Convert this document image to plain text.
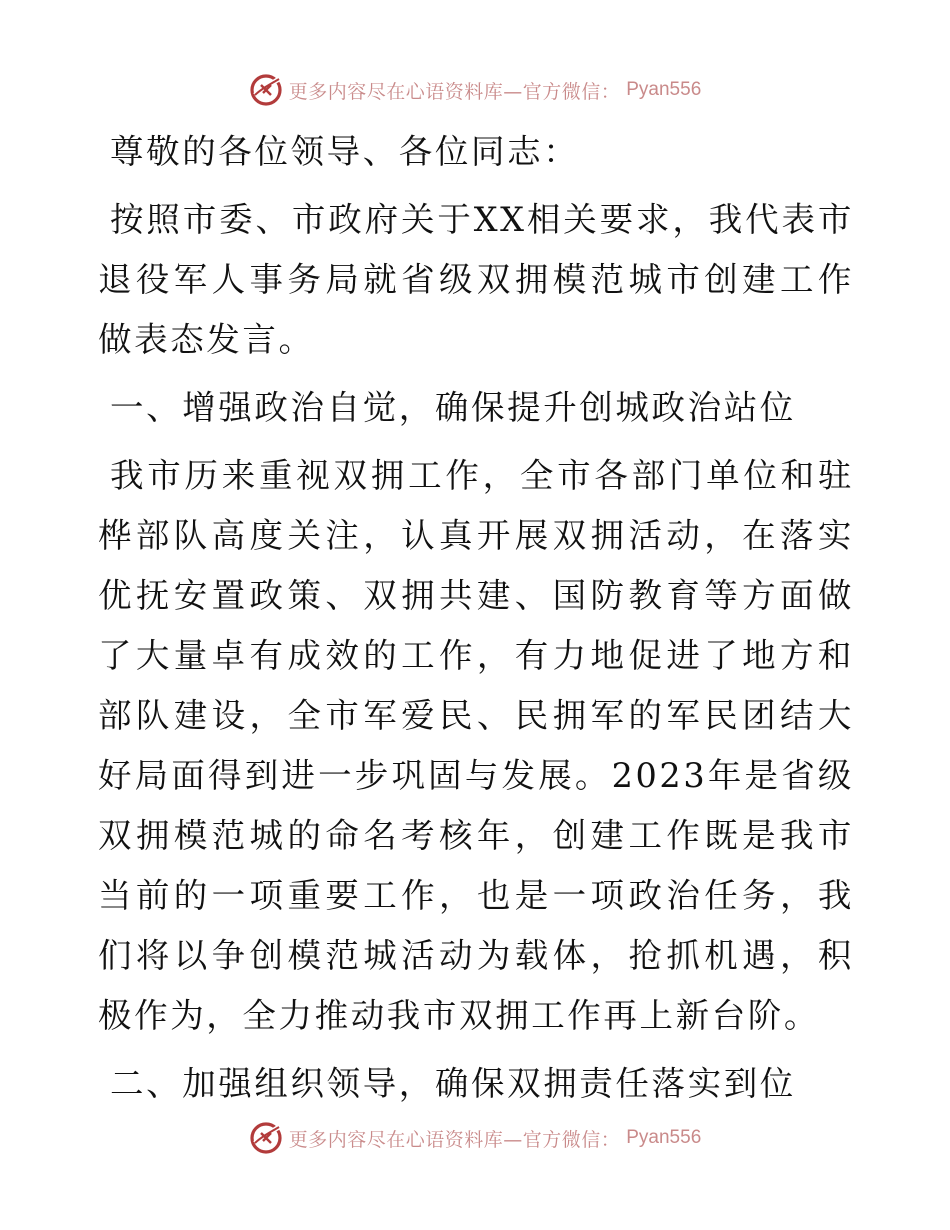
更多内容尽在心语资料库—官方微信： Pyan556

尊敬的各位领导、各位同志：

按照市委、市政府关于XX相关要求，我代表市退役军人事务局就省级双拥模范城市创建工作做表态发言。

一、增强政治自觉，确保提升创城政治站位

我市历来重视双拥工作，全市各部门单位和驻桦部队高度关注，认真开展双拥活动，在落实优抚安置政策、双拥共建、国防教育等方面做了大量卓有成效的工作，有力地促进了地方和部队建设，全市军爱民、民拥军的军民团结大好局面得到进一步巩固与发展。2023年是省级双拥模范城的命名考核年，创建工作既是我市当前的一项重要工作，也是一项政治任务，我们将以争创模范城活动为载体，抢抓机遇，积极作为，全力推动我市双拥工作再上新台阶。

二、加强组织领导，确保双拥责任落实到位

更多内容尽在心语资料库—官方微信： Pyan556
